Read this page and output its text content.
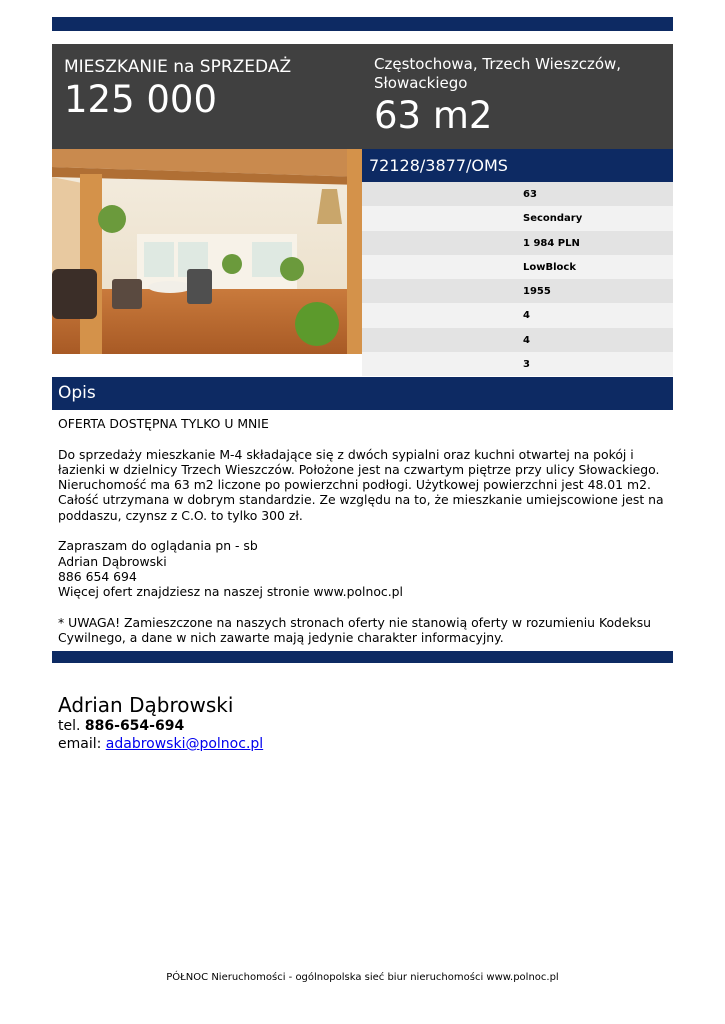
MIESZKANIE na SPRZEDAŻ
125 000
Częstochowa, Trzech Wieszczów, Słowackiego
63 m2
72128/3877/OMS
63
Secondary
1 984 PLN
LowBlock
1955
4
4
3
Opis

OFERTA DOSTĘPNA TYLKO U MNIE

Do sprzedaży mieszkanie M-4 składające się z dwóch sypialni oraz kuchni otwartej na pokój i łazienki w dzielnicy Trzech Wieszczów. Położone jest na czwartym piętrze przy ulicy Słowackiego. Nieruchomość ma 63 m2 liczone po powierzchni podłogi. Użytkowej powierzchni jest 48.01 m2. Całość utrzymana w dobrym standardzie. Ze względu na to, że mieszkanie umiejscowione jest na poddaszu, czynsz z C.O. to tylko 300 zł.

Zapraszam do oglądania pn - sb

Adrian Dąbrowski

886 654 694

Więcej ofert znajdziesz na naszej stronie www.polnoc.pl

* UWAGA! Zamieszczone na naszych stronach oferty nie stanowią oferty w rozumieniu Kodeksu Cywilnego, a dane w nich zawarte mają jedynie charakter informacyjny.

Adrian Dąbrowski
tel. 886-654-694
email: adabrowski@polnoc.pl
PÓŁNOC Nieruchomości - ogólnopolska sieć biur nieruchomości www.polnoc.pl
